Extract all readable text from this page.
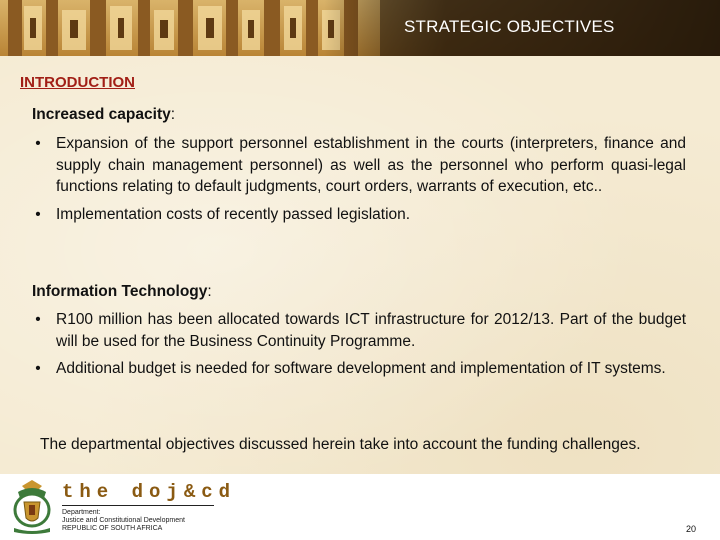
STRATEGIC OBJECTIVES
INTRODUCTION
Increased capacity:
• Expansion of the support personnel establishment in the courts (interpreters, finance and supply chain management personnel) as well as the personnel who perform quasi-legal functions relating to default judgments, court orders, warrants of execution, etc..
• Implementation costs of recently passed legislation.
Information Technology:
• R100 million has been allocated towards ICT infrastructure for 2012/13. Part of the budget will be used for the Business Continuity Programme.
• Additional budget is needed for software development and implementation of IT systems.
The departmental objectives discussed herein take into account the funding challenges.
the doj&cd
Department:
Justice and Constitutional Development
REPUBLIC OF SOUTH AFRICA	20
